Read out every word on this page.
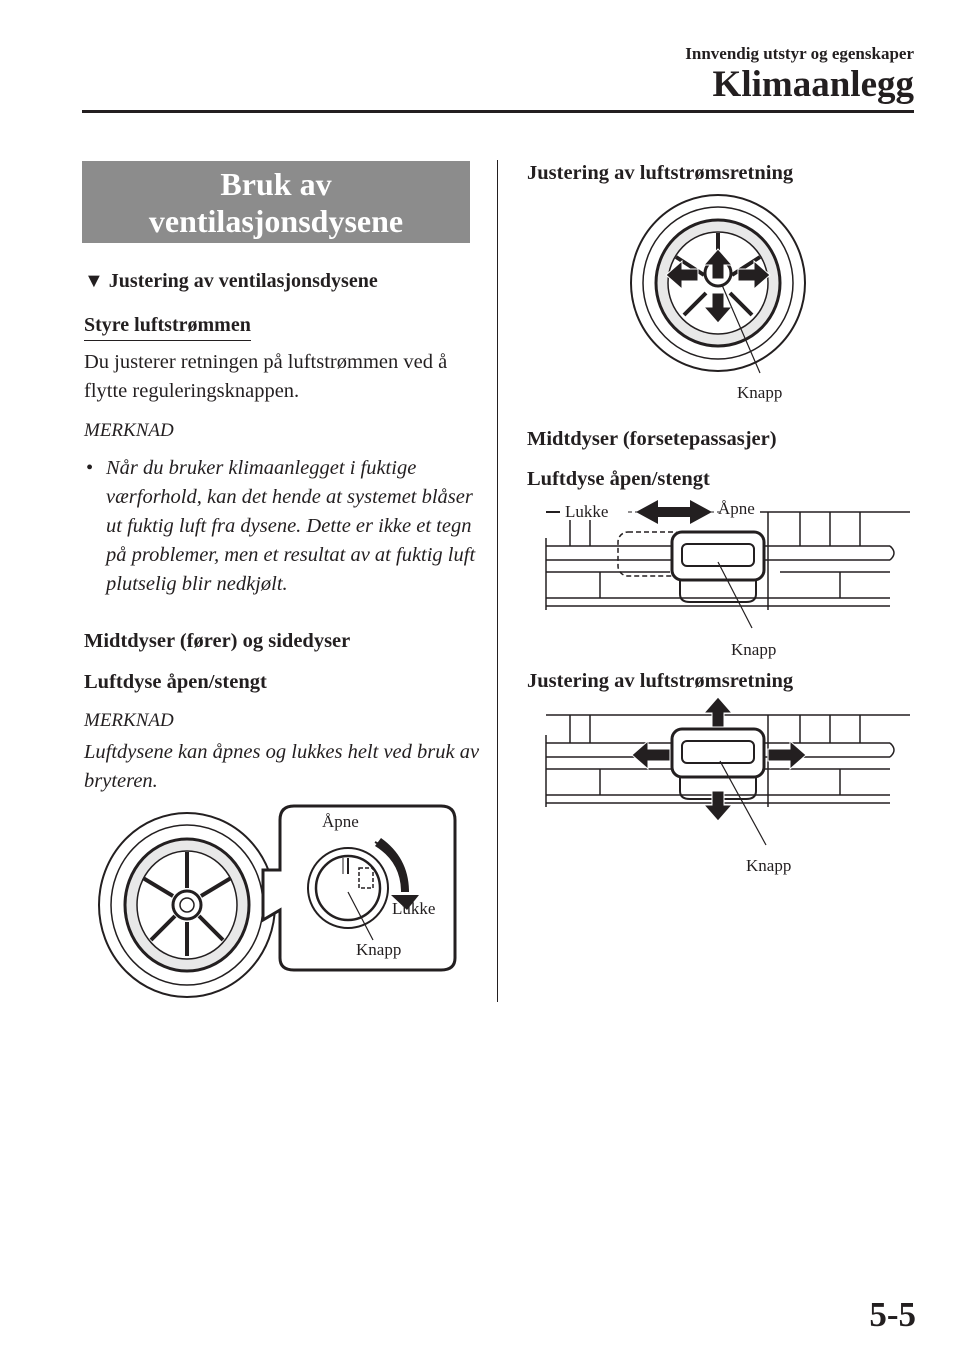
Innvendig utstyr og egenskaper
Klimaanlegg
Bruk av
ventilasjonsdysene
▼ Justering av ventilasjonsdysene
Styre luftstrømmen
Du justerer retningen på luftstrømmen ved å flytte reguleringsknappen.
MERKNAD
• Når du bruker klimaanlegget i fuktige værforhold, kan det hende at systemet blåser ut fuktig luft fra dysene. Dette er ikke et tegn på problemer, men et resultat av at fuktig luft plutselig blir nedkjølt.
Midtdyser (fører) og sidedyser
Luftdyse åpen/stengt
MERKNAD
Luftdysene kan åpnes og lukkes helt ved bruk av bryteren.
Åpne
Lukke
Knapp
Justering av luftstrømsretning
Knapp
Midtdyser (forsetepassasjer)
Luftdyse åpen/stengt
Lukke	Åpne
Knapp
Justering av luftstrømsretning
Knapp
5-5
